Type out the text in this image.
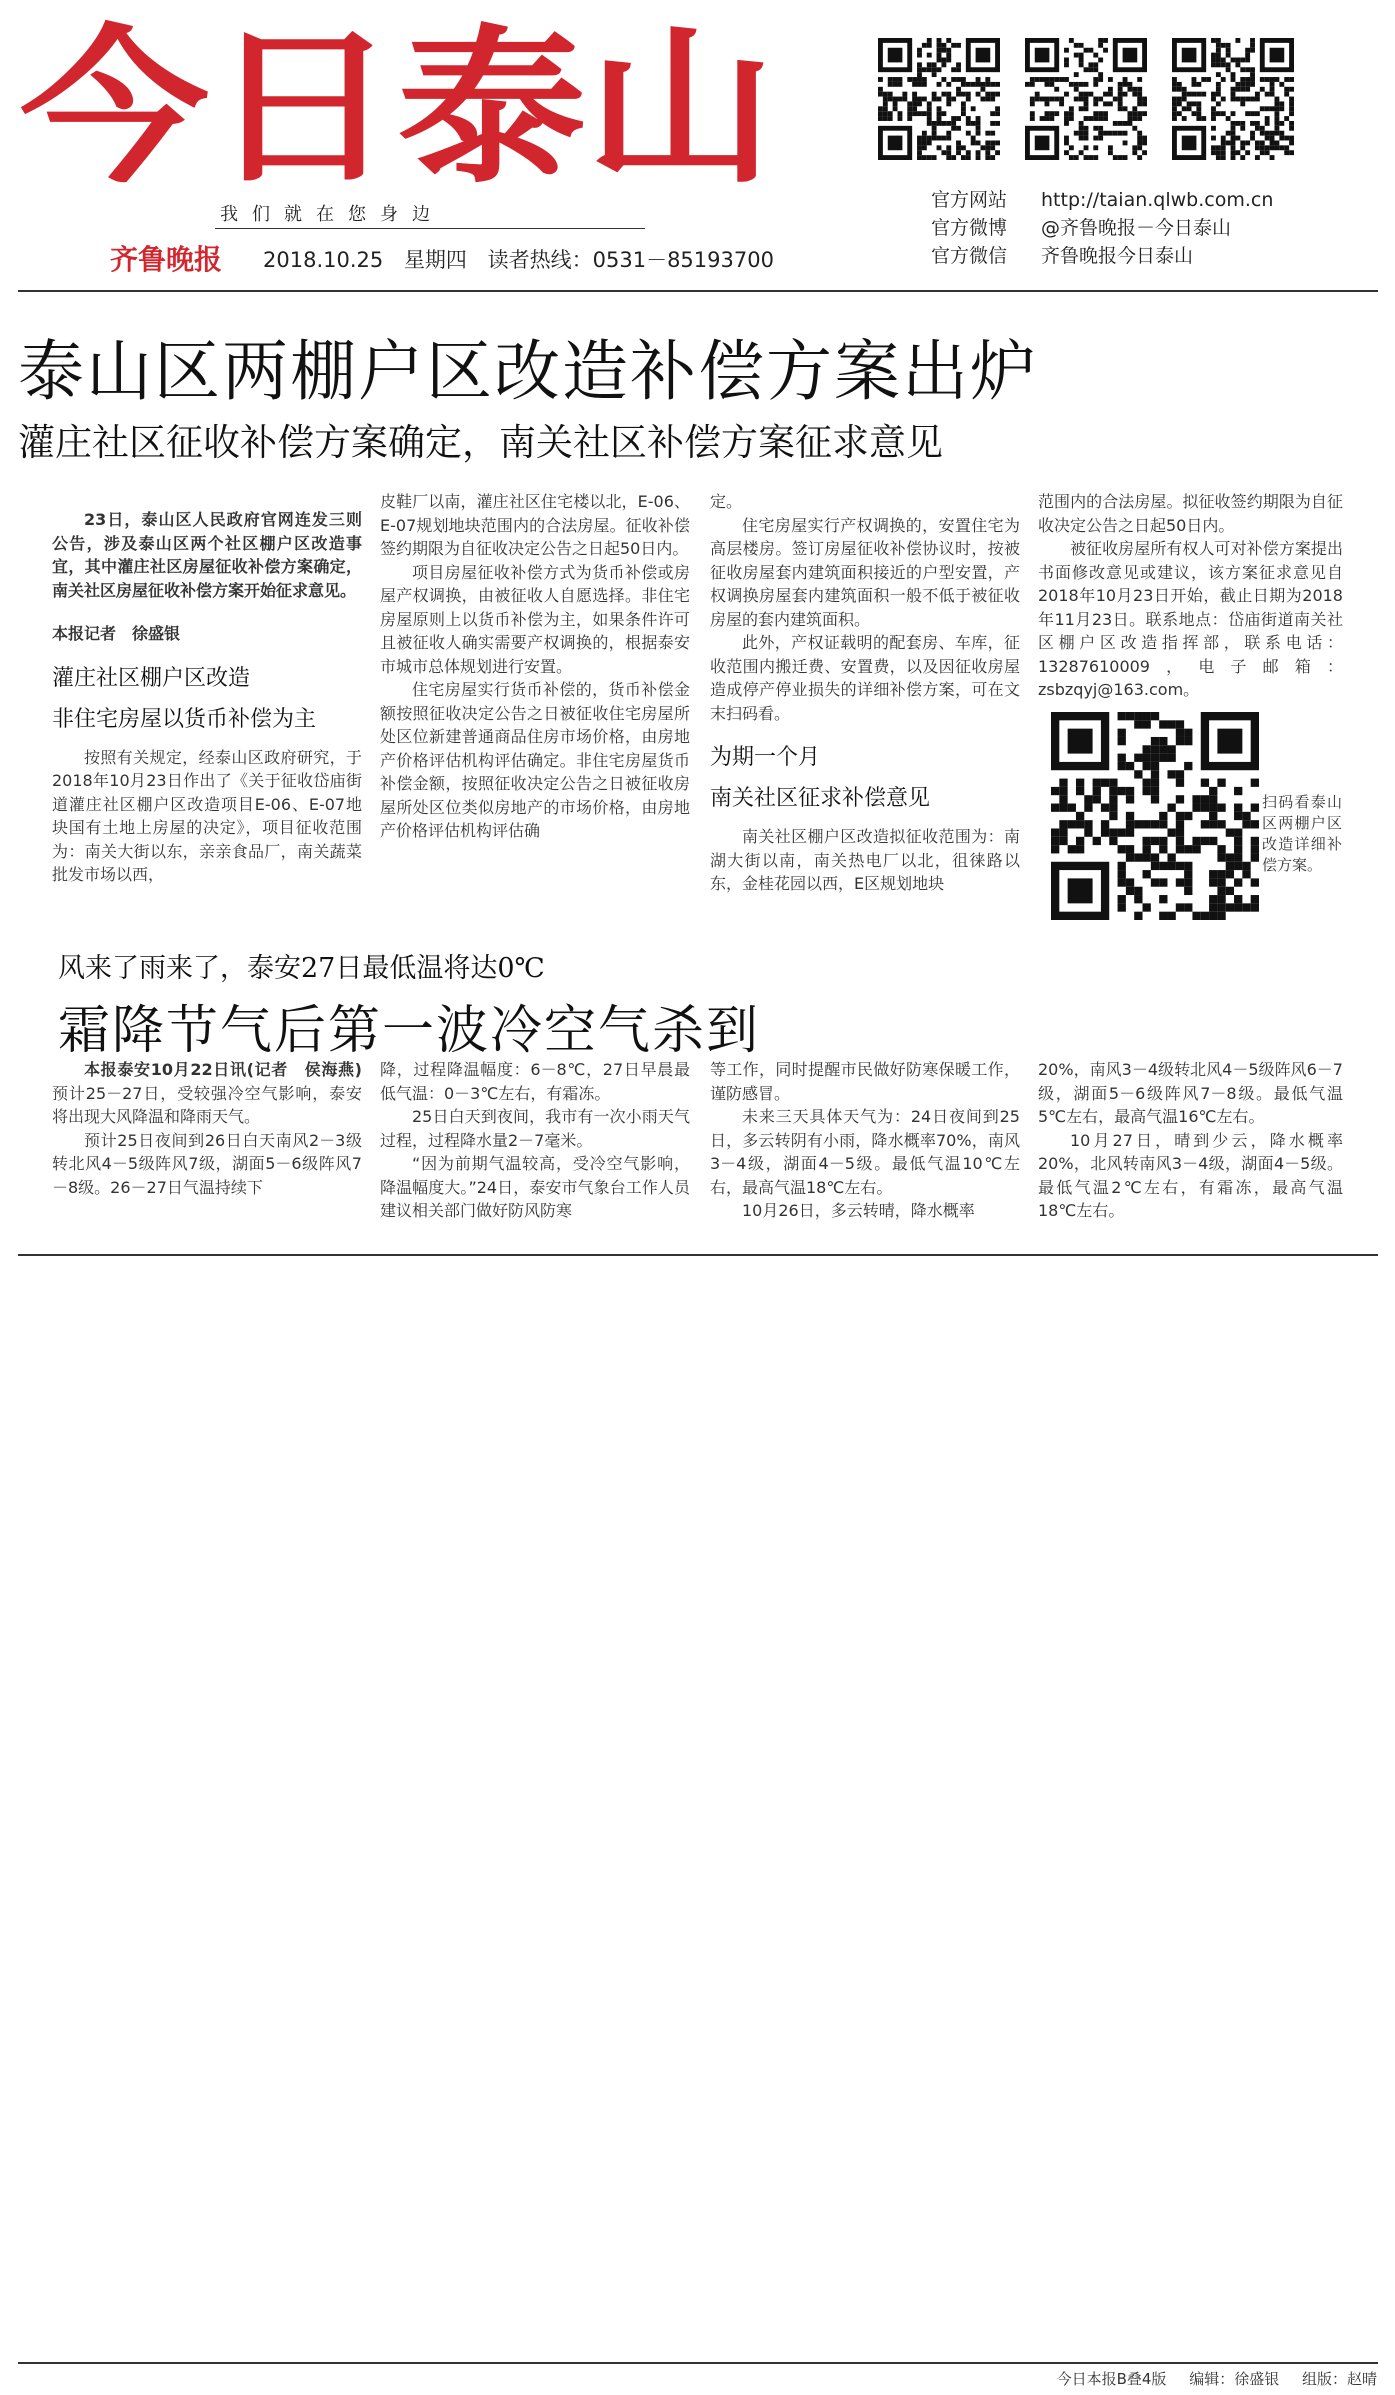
今日泰山
我们就在您身边
齐鲁晚报 2018.10.25 星期四 读者热线：0531－85193700
官方网站	http://taian.qlwb.com.cn
官方微博	@齐鲁晚报－今日泰山
官方微信	齐鲁晚报今日泰山
泰山区两棚户区改造补偿方案出炉
灌庄社区征收补偿方案确定，南关社区补偿方案征求意见

23日，泰山区人民政府官网连发三则公告，涉及泰山区两个社区棚户区改造事宜，其中灌庄社区房屋征收补偿方案确定，南关社区房屋征收补偿方案开始征求意见。

本报记者　徐盛银

灌庄社区棚户区改造

非住宅房屋以货币补偿为主

按照有关规定，经泰山区政府研究，于2018年10月23日作出了《关于征收岱庙街道灌庄社区棚户区改造项目E-06、E-07地块国有土地上房屋的决定》，项目征收范围为：南关大街以东，亲亲食品厂，南关蔬菜批发市场以西，

皮鞋厂以南，灌庄社区住宅楼以北，E-06、E-07规划地块范围内的合法房屋。征收补偿签约期限为自征收决定公告之日起50日内。

项目房屋征收补偿方式为货币补偿或房屋产权调换，由被征收人自愿选择。非住宅房屋原则上以货币补偿为主，如果条件许可且被征收人确实需要产权调换的，根据泰安市城市总体规划进行安置。

住宅房屋实行货币补偿的，货币补偿金额按照征收决定公告之日被征收住宅房屋所处区位新建普通商品住房市场价格，由房地产价格评估机构评估确定。非住宅房屋货币补偿金额，按照征收决定公告之日被征收房屋所处区位类似房地产的市场价格，由房地产价格评估机构评估确

定。

住宅房屋实行产权调换的，安置住宅为高层楼房。签订房屋征收补偿协议时，按被征收房屋套内建筑面积接近的户型安置，产权调换房屋套内建筑面积一般不低于被征收房屋的套内建筑面积。

此外，产权证载明的配套房、车库，征收范围内搬迁费、安置费，以及因征收房屋造成停产停业损失的详细补偿方案，可在文末扫码看。

为期一个月

南关社区征求补偿意见

南关社区棚户区改造拟征收范围为：南湖大街以南，南关热电厂以北，徂徕路以东，金桂花园以西，E区规划地块

范围内的合法房屋。拟征收签约期限为自征收决定公告之日起50日内。

被征收房屋所有权人可对补偿方案提出书面修改意见或建议，该方案征求意见自2018年10月23日开始，截止日期为2018年11月23日。联系地点：岱庙街道南关社区棚户区改造指挥部，联系电话：13287610009，电子邮箱：zsbzqyj@163.com。

扫码看泰山区两棚户区改造详细补偿方案。
风来了雨来了，泰安27日最低温将达0℃
霜降节气后第一波冷空气杀到

本报泰安10月22日讯(记者　侯海燕)预计25－27日，受较强冷空气影响，泰安将出现大风降温和降雨天气。

预计25日夜间到26日白天南风2－3级转北风4－5级阵风7级，湖面5－6级阵风7－8级。26－27日气温持续下

降，过程降温幅度：6－8℃，27日早晨最低气温：0－3℃左右，有霜冻。

25日白天到夜间，我市有一次小雨天气过程，过程降水量2－7毫米。

“因为前期气温较高，受冷空气影响，降温幅度大。”24日，泰安市气象台工作人员建议相关部门做好防风防寒

等工作，同时提醒市民做好防寒保暖工作，谨防感冒。

未来三天具体天气为：24日夜间到25日，多云转阴有小雨，降水概率70%，南风3－4级，湖面4－5级。最低气温10℃左右，最高气温18℃左右。

10月26日，多云转晴，降水概率

20%，南风3－4级转北风4－5级阵风6－7级，湖面5－6级阵风7－8级。最低气温5℃左右，最高气温16℃左右。

10月27日，晴到少云，降水概率20%，北风转南风3－4级，湖面4－5级。最低气温2℃左右，有霜冻，最高气温18℃左右。

今日本报B叠4版 编辑：徐盛银 组版：赵晴
